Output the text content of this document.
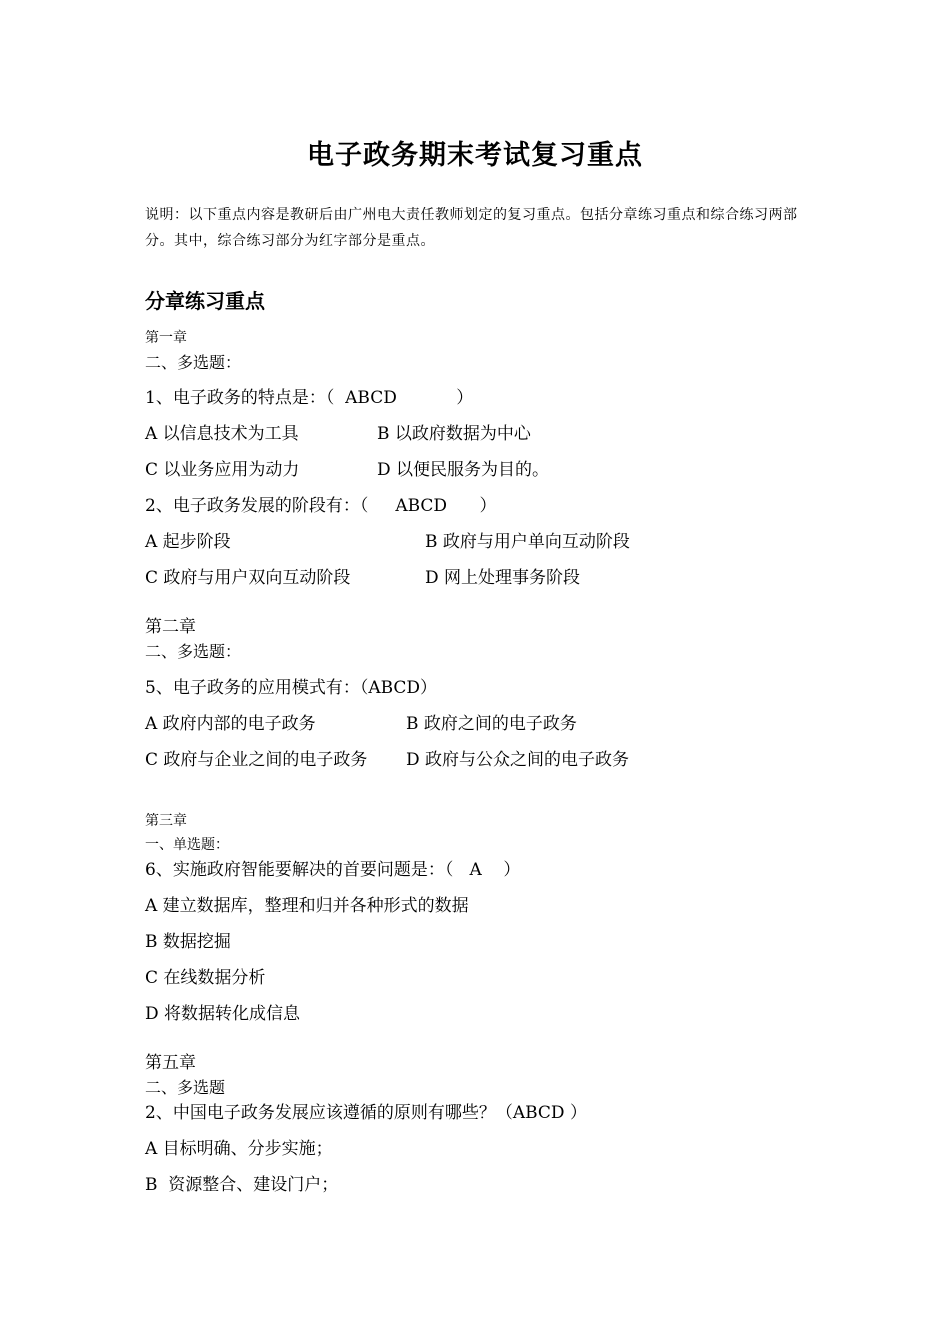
电子政务期末考试复习重点
说明：以下重点内容是教研后由广州电大责任教师划定的复习重点。包括分章练习重点和综合练习两部分。其中，综合练习部分为红字部分是重点。
分章练习重点
第一章
二、多选题：
1、电子政务的特点是：（  ABCD           ）
A 以信息技术为工具	B 以政府数据为中心
C 以业务应用为动力	D 以便民服务为目的。
2、电子政务发展的阶段有：（     ABCD      ）
A 起步阶段	B 政府与用户单向互动阶段
C 政府与用户双向互动阶段	D 网上处理事务阶段
第二章
二、多选题：
5、电子政务的应用模式有：（ABCD）
A 政府内部的电子政务	B 政府之间的电子政务
C 政府与企业之间的电子政务 D 政府与公众之间的电子政务
第三章
一、单选题：
6、实施政府智能要解决的首要问题是：（   A    ）
A 建立数据库，整理和归并各种形式的数据
B 数据挖掘
C 在线数据分析
D 将数据转化成信息
第五章
二、多选题
2、中国电子政务发展应该遵循的原则有哪些？（ABCD ）
A 目标明确、分步实施；
B  资源整合、建设门户；
